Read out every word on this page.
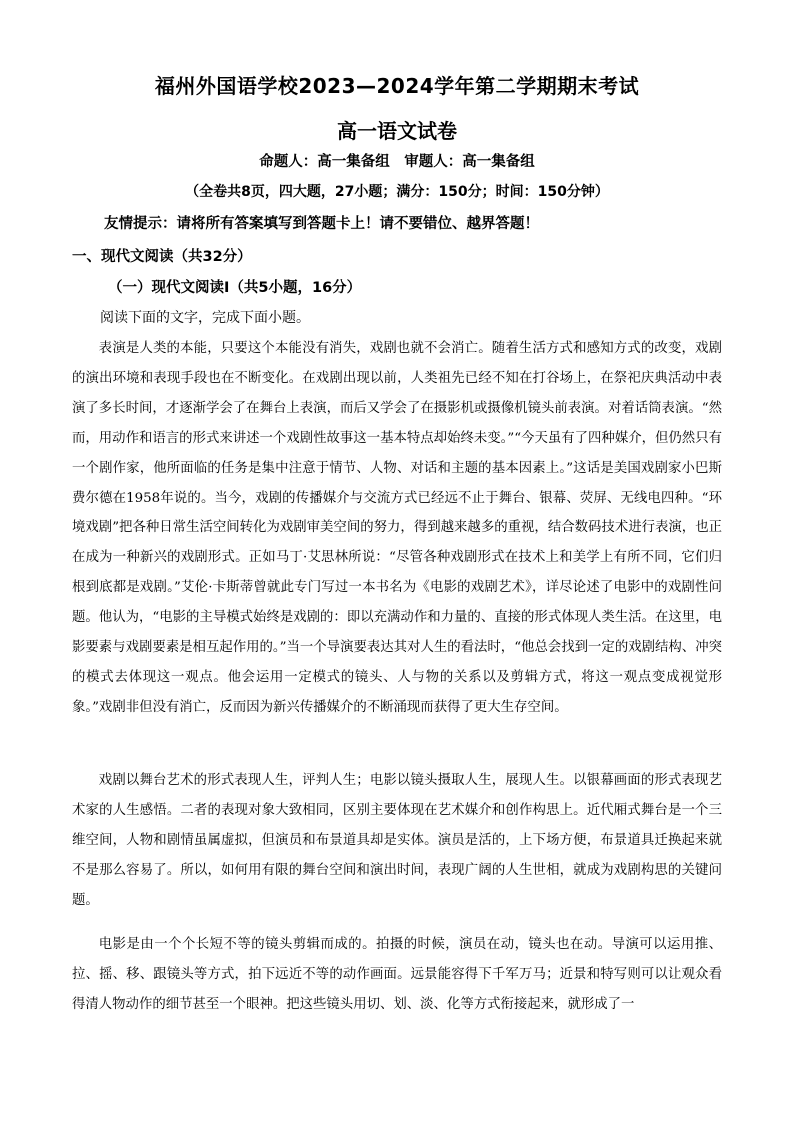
福州外国语学校2023—2024学年第二学期期末考试
高一语文试卷
命题人：高一集备组　审题人：高一集备组
（全卷共8页，四大题，27小题；满分：150分；时间：150分钟）
友情提示：请将所有答案填写到答题卡上！请不要错位、越界答题！
一、现代文阅读（共32分）
（一）现代文阅读Ⅰ（共5小题，16分）
阅读下面的文字，完成下面小题。

表演是人类的本能，只要这个本能没有消失，戏剧也就不会消亡。随着生活方式和感知方式的改变，戏剧的演出环境和表现手段也在不断变化。在戏剧出现以前，人类祖先已经不知在打谷场上，在祭祀庆典活动中表演了多长时间，才逐渐学会了在舞台上表演，而后又学会了在摄影机或摄像机镜头前表演。对着话筒表演。“然而，用动作和语言的形式来讲述一个戏剧性故事这一基本特点却始终未变。”“今天虽有了四种媒介，但仍然只有一个剧作家，他所面临的任务是集中注意于情节、人物、对话和主题的基本因素上。”这话是美国戏剧家小巴斯费尔德在1958年说的。当今，戏剧的传播媒介与交流方式已经远不止于舞台、银幕、荧屏、无线电四种。“环境戏剧”把各种日常生活空间转化为戏剧审美空间的努力，得到越来越多的重视，结合数码技术进行表演，也正在成为一种新兴的戏剧形式。正如马丁·艾思林所说：“尽管各种戏剧形式在技术上和美学上有所不同，它们归根到底都是戏剧。”艾伦·卡斯蒂曾就此专门写过一本书名为《电影的戏剧艺术》，详尽论述了电影中的戏剧性问题。他认为，“电影的主导模式始终是戏剧的：即以充满动作和力量的、直接的形式体现人类生活。在这里，电影要素与戏剧要素是相互起作用的。”当一个导演要表达其对人生的看法时，“他总会找到一定的戏剧结构、冲突的模式去体现这一观点。他会运用一定模式的镜头、人与物的关系以及剪辑方式，将这一观点变成视觉形象。”戏剧非但没有消亡，反而因为新兴传播媒介的不断涌现而获得了更大生存空间。

戏剧以舞台艺术的形式表现人生，评判人生；电影以镜头摄取人生，展现人生。以银幕画面的形式表现艺术家的人生感悟。二者的表现对象大致相同，区别主要体现在艺术媒介和创作构思上。近代厢式舞台是一个三维空间，人物和剧情虽属虚拟，但演员和布景道具却是实体。演员是活的，上下场方便，布景道具迁换起来就不是那么容易了。所以，如何用有限的舞台空间和演出时间，表现广阔的人生世相，就成为戏剧构思的关键问题。

电影是由一个个长短不等的镜头剪辑而成的。拍摄的时候，演员在动，镜头也在动。导演可以运用推、拉、摇、移、跟镜头等方式，拍下远近不等的动作画面。远景能容得下千军万马；近景和特写则可以让观众看得清人物动作的细节甚至一个眼神。把这些镜头用切、划、淡、化等方式衔接起来，就形成了一
